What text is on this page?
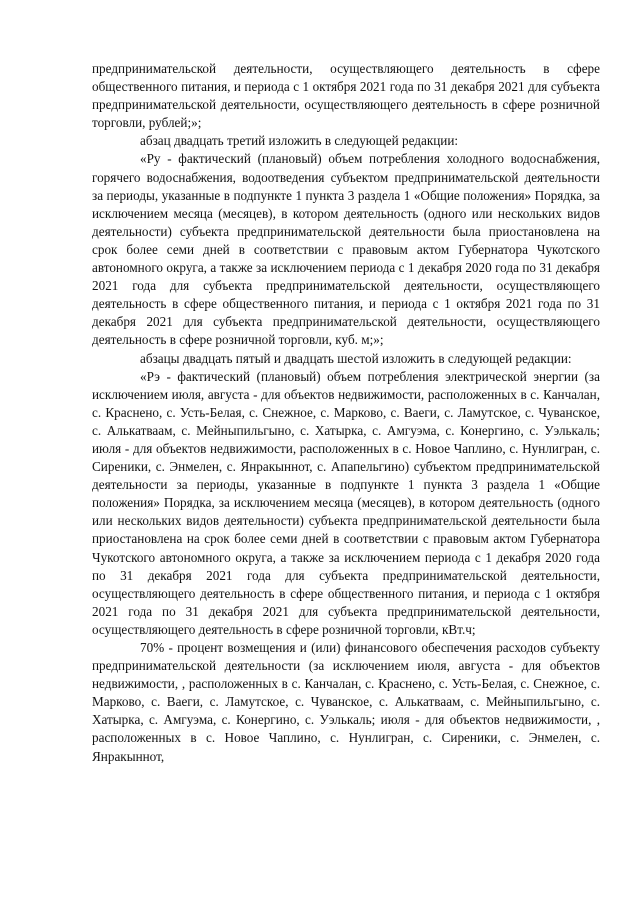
предпринимательской деятельности, осуществляющего деятельность в сфере общественного питания, и периода с 1 октября 2021 года по 31 декабря 2021 для субъекта предпринимательской деятельности, осуществляющего деятельность в сфере розничной торговли, рублей;»;

абзац двадцать третий изложить в следующей редакции:

«Ру - фактический (плановый) объем потребления холодного водоснабжения, горячего водоснабжения, водоотведения субъектом предпринимательской деятельности за периоды, указанные в подпункте 1 пункта 3 раздела 1 «Общие положения» Порядка, за исключением месяца (месяцев), в котором деятельность (одного или нескольких видов деятельности) субъекта предпринимательской деятельности была приостановлена на срок более семи дней в соответствии с правовым актом Губернатора Чукотского автономного округа, а также за исключением периода с 1 декабря 2020 года по 31 декабря 2021 года для субъекта предпринимательской деятельности, осуществляющего деятельность в сфере общественного питания, и периода с 1 октября 2021 года по 31 декабря 2021 для субъекта предпринимательской деятельности, осуществляющего деятельность в сфере розничной торговли, куб. м;»;

абзацы двадцать пятый и двадцать шестой изложить в следующей редакции:

«Рэ - фактический (плановый) объем потребления электрической энергии (за исключением июля, августа - для объектов недвижимости, расположенных в с. Канчалан, с. Краснено, с. Усть-Белая, с. Снежное, с. Марково, с. Ваеги, с. Ламутское, с. Чуванское, с. Алькатваам, с. Мейныпильгыно, с. Хатырка, с. Амгуэма, с. Конергино, с. Уэлькаль; июля - для объектов недвижимости, расположенных в с. Новое Чаплино, с. Нунлигран, с. Сиреники, с. Энмелен, с. Янракыннот, с. Апапельгино) субъектом предпринимательской деятельности за периоды, указанные в подпункте 1 пункта 3 раздела 1 «Общие положения» Порядка, за исключением месяца (месяцев), в котором деятельность (одного или нескольких видов деятельности) субъекта предпринимательской деятельности была приостановлена на срок более семи дней в соответствии с правовым актом Губернатора Чукотского автономного округа, а также за исключением периода с 1 декабря 2020 года по 31 декабря 2021 года для субъекта предпринимательской деятельности, осуществляющего деятельность в сфере общественного питания, и периода с 1 октября 2021 года по 31 декабря 2021 для субъекта предпринимательской деятельности, осуществляющего деятельность в сфере розничной торговли, кВт.ч;

70% - процент возмещения и (или) финансового обеспечения расходов субъекту предпринимательской деятельности (за исключением июля, августа - для объектов недвижимости, , расположенных в с. Канчалан, с. Краснено, с. Усть-Белая, с. Снежное, с. Марково, с. Ваеги, с. Ламутское, с. Чуванское, с. Алькатваам, с. Мейныпильгыно, с. Хатырка, с. Амгуэма, с. Конергино, с. Уэлькаль; июля - для объектов недвижимости, , расположенных в с. Новое Чаплино, с. Нунлигран, с. Сиреники, с. Энмелен, с. Янракыннот,
